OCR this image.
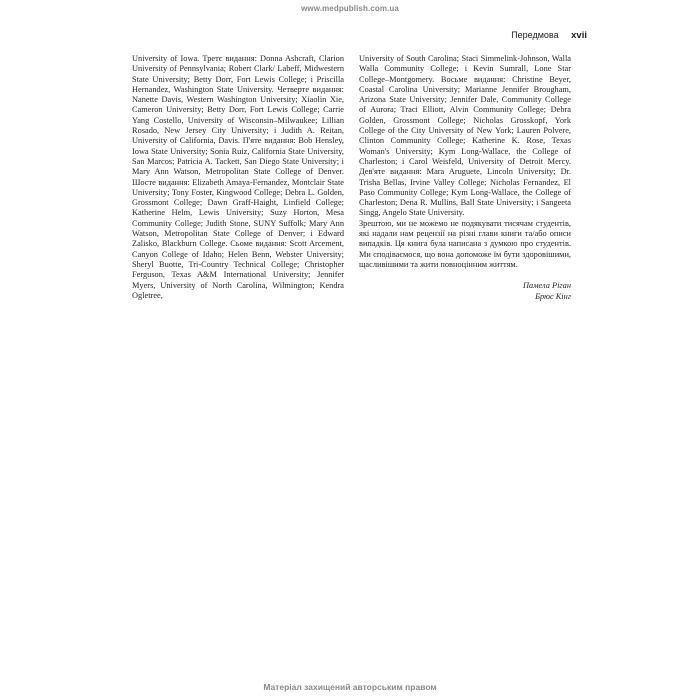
www.medpublish.com.ua
Передмова xvii

University of Iowa. Третє видання: Donna Ashcraft, Clarion University of Pennsylvania; Robert Clark/ Labeff, Midwestern State University; Betty Dorr, Fort Lewis College; і Priscilla Hernandez, Washington State University. Четверте видання: Nanette Davis, Western Washington University; Xiaolin Xie, Cameron University; Betty Dorr, Fort Lewis College; Carrie Yang Costello, University of Wisconsin–Milwaukee; Lillian Rosado, New Jersey City University; і Judith A. Reitan, University of California, Davis. П'яте видання: Bob Hensley, Iowa State University; Sonia Ruiz, California State University, San Marcos; Patricia A. Tackett, San Diego State University; і Mary Ann Watson, Metropolitan State College of Denver. Шосте видання: Elizabeth Amaya-Fernandez, Montclair State University; Tony Foster, Kingwood College; Debra L. Golden, Grossmont College; Dawn Graff-Haight, Linfield College; Katherine Helm, Lewis University; Suzy Horton, Mesa Community College; Judith Stone, SUNY Suffolk; Mary Ann Watson, Metropolitan State College of Denver; і Edward Zalisko, Blackburn College. Сьоме видання: Scott Arcement, Canyon College of Idaho; Helen Benn, Webster University; Sheryl Buotte, Tri-Country Technical College; Christopher Ferguson, Texas A&M International University; Jennifer Myers, University of North Carolina, Wilmington; Kendra Ogletree,

University of South Carolina; Staci Simmelink-Johnson, Walla Walla Community College; і Kevin Sumrall, Lone Star College–Montgomery. Восьме видання: Christine Beyer, Coastal Carolina University; Marianne Jennifer Brougham, Arizona State University; Jennifer Dale, Community College of Aurora; Traci Elliott, Alvin Community College; Debra Golden, Grossmont College; Nicholas Grosskopf, York College of the City University of New York; Lauren Polvere, Clinton Community College; Katherine K. Rose, Texas Woman's University; Kym Long-Wallace, the College of Charleston; і Carol Weisfeld, University of Detroit Mercy. Дев'яте видання: Mara Aruguete, Lincoln University; Dr. Trisha Bellas, Irvine Valley College; Nicholas Fernandez, El Paso Community College; Kym Long-Wallace, the College of Charleston; Dena R. Mullins, Ball State University; і Sangeeta Singg, Angelo State University.

Зрештою, ми не можемо не подякувати тисячам студентів, які надали нам рецензії на різні глави книги та/або описи випадків. Ця книга була написана з думкою про студентів. Ми сподіваємося, що вона допоможе їм бути здоровішими, щасливішими та жити повноцінним життям.

Памела Ріган
Брюс Кінг
Матеріал захищений авторським правом
